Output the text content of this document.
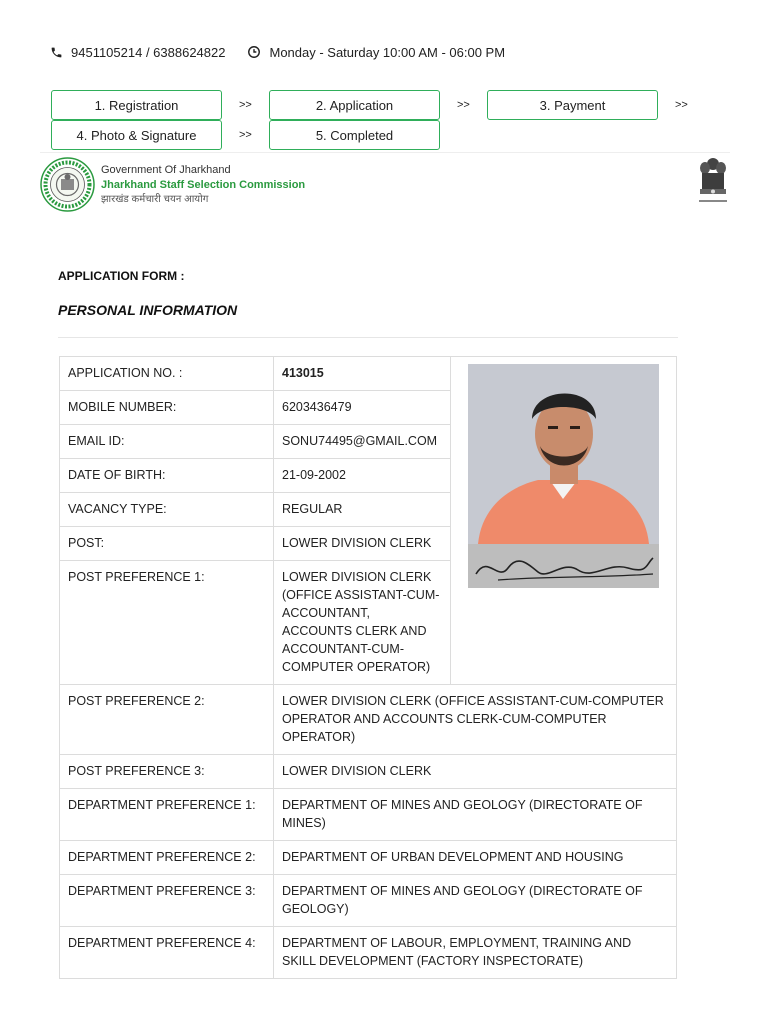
9451105214 / 6388624822	Monday - Saturday 10:00 AM - 06:00 PM
1. Registration	>>	2. Application	>>	3. Payment	>>
4. Photo & Signature	>>	5. Completed
Government Of Jharkhand
Jharkhand Staff Selection Commission
झारखंड कर्मचारी चयन आयोग
APPLICATION FORM :
PERSONAL INFORMATION
APPLICATION NO. :	413015	

MOBILE NUMBER:	6203436479	
EMAIL ID:	SONU74495@GMAIL.COM	
DATE OF BIRTH:	21-09-2002	
VACANCY TYPE:	REGULAR	
POST:	LOWER DIVISION CLERK	
POST PREFERENCE 1:	LOWER DIVISION CLERK (OFFICE ASSISTANT-CUM-ACCOUNTANT, ACCOUNTS CLERK AND ACCOUNTANT-CUM-COMPUTER OPERATOR)	
POST PREFERENCE 2:	LOWER DIVISION CLERK (OFFICE ASSISTANT-CUM-COMPUTER OPERATOR AND ACCOUNTS CLERK-CUM-COMPUTER OPERATOR)	
POST PREFERENCE 3:	LOWER DIVISION CLERK	
DEPARTMENT PREFERENCE 1:	DEPARTMENT OF MINES AND GEOLOGY (DIRECTORATE OF MINES)	
DEPARTMENT PREFERENCE 2:	DEPARTMENT OF URBAN DEVELOPMENT AND HOUSING	
DEPARTMENT PREFERENCE 3:	DEPARTMENT OF MINES AND GEOLOGY (DIRECTORATE OF GEOLOGY)	
DEPARTMENT PREFERENCE 4:	DEPARTMENT OF LABOUR, EMPLOYMENT, TRAINING AND SKILL DEVELOPMENT (FACTORY INSPECTORATE)	
